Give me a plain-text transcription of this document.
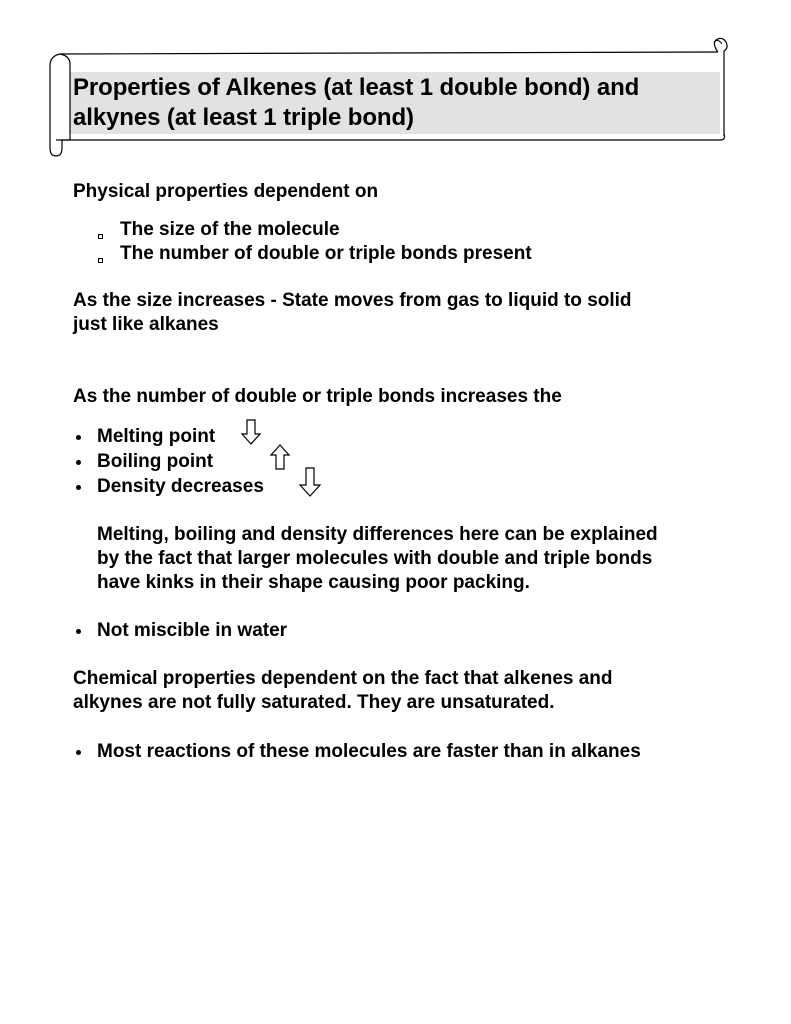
Properties of Alkenes (at least 1 double bond) and alkynes (at least 1 triple bond)

Physical properties dependent on

The size of the molecule

The number of double or triple bonds present

As the size increases - State moves from gas to liquid to solid

just like alkanes

As the number of double or triple bonds increases the

Melting point

Boiling point

Density decreases

Melting, boiling and density differences here can be explained

by the fact that larger molecules with double and triple bonds

have kinks in their shape causing poor packing.

Not miscible in water

Chemical properties dependent on the fact that alkenes and

alkynes are not fully saturated. They are unsaturated.

Most reactions of these molecules are faster than in alkanes
